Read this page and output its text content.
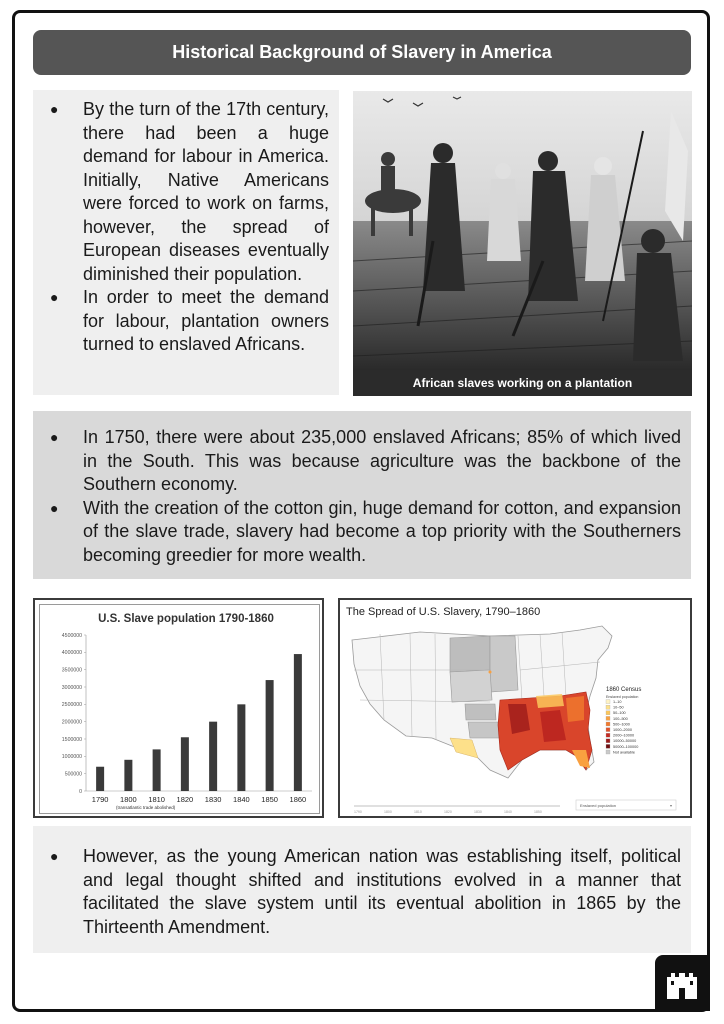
Historical Background of Slavery in America
● By the turn of the 17th century, there had been a huge demand for labour in America. Initially, Native Americans were forced to work on farms, however, the spread of European diseases eventually diminished their population.
● In order to meet the demand for labour, plantation owners turned to enslaved Africans.
African slaves working on a plantation
● In 1750, there were about 235,000 enslaved Africans; 85% of which lived in the South. This was because agriculture was the backbone of the Southern economy.
● With the creation of the cotton gin, huge demand for cotton, and expansion of the slave trade, slavery had become a top priority with the Southerners becoming greedier for more wealth.
U.S. Slave population 1790-1860
0
500000
1000000
1500000
2000000
2500000
3000000
3500000
4000000
4500000
1790 1800 1810 1820 1830 1840 1850 1860
(transatlantic trade abolished)
The Spread of U.S. Slavery, 1790–1860
1790	1800	1810	1820	1830	1840	1850
Enslaved population	▾
1860 Census
Enslaved population
1–10
10–50
50–100
100–500
500–1000
1000–2000
2000–10000
10000–50000
50000–100000
Not available
● However, as the young American nation was establishing itself, political and legal thought shifted and institutions evolved in a manner that facilitated the slave system until its eventual abolition in 1865 by the Thirteenth Amendment.
